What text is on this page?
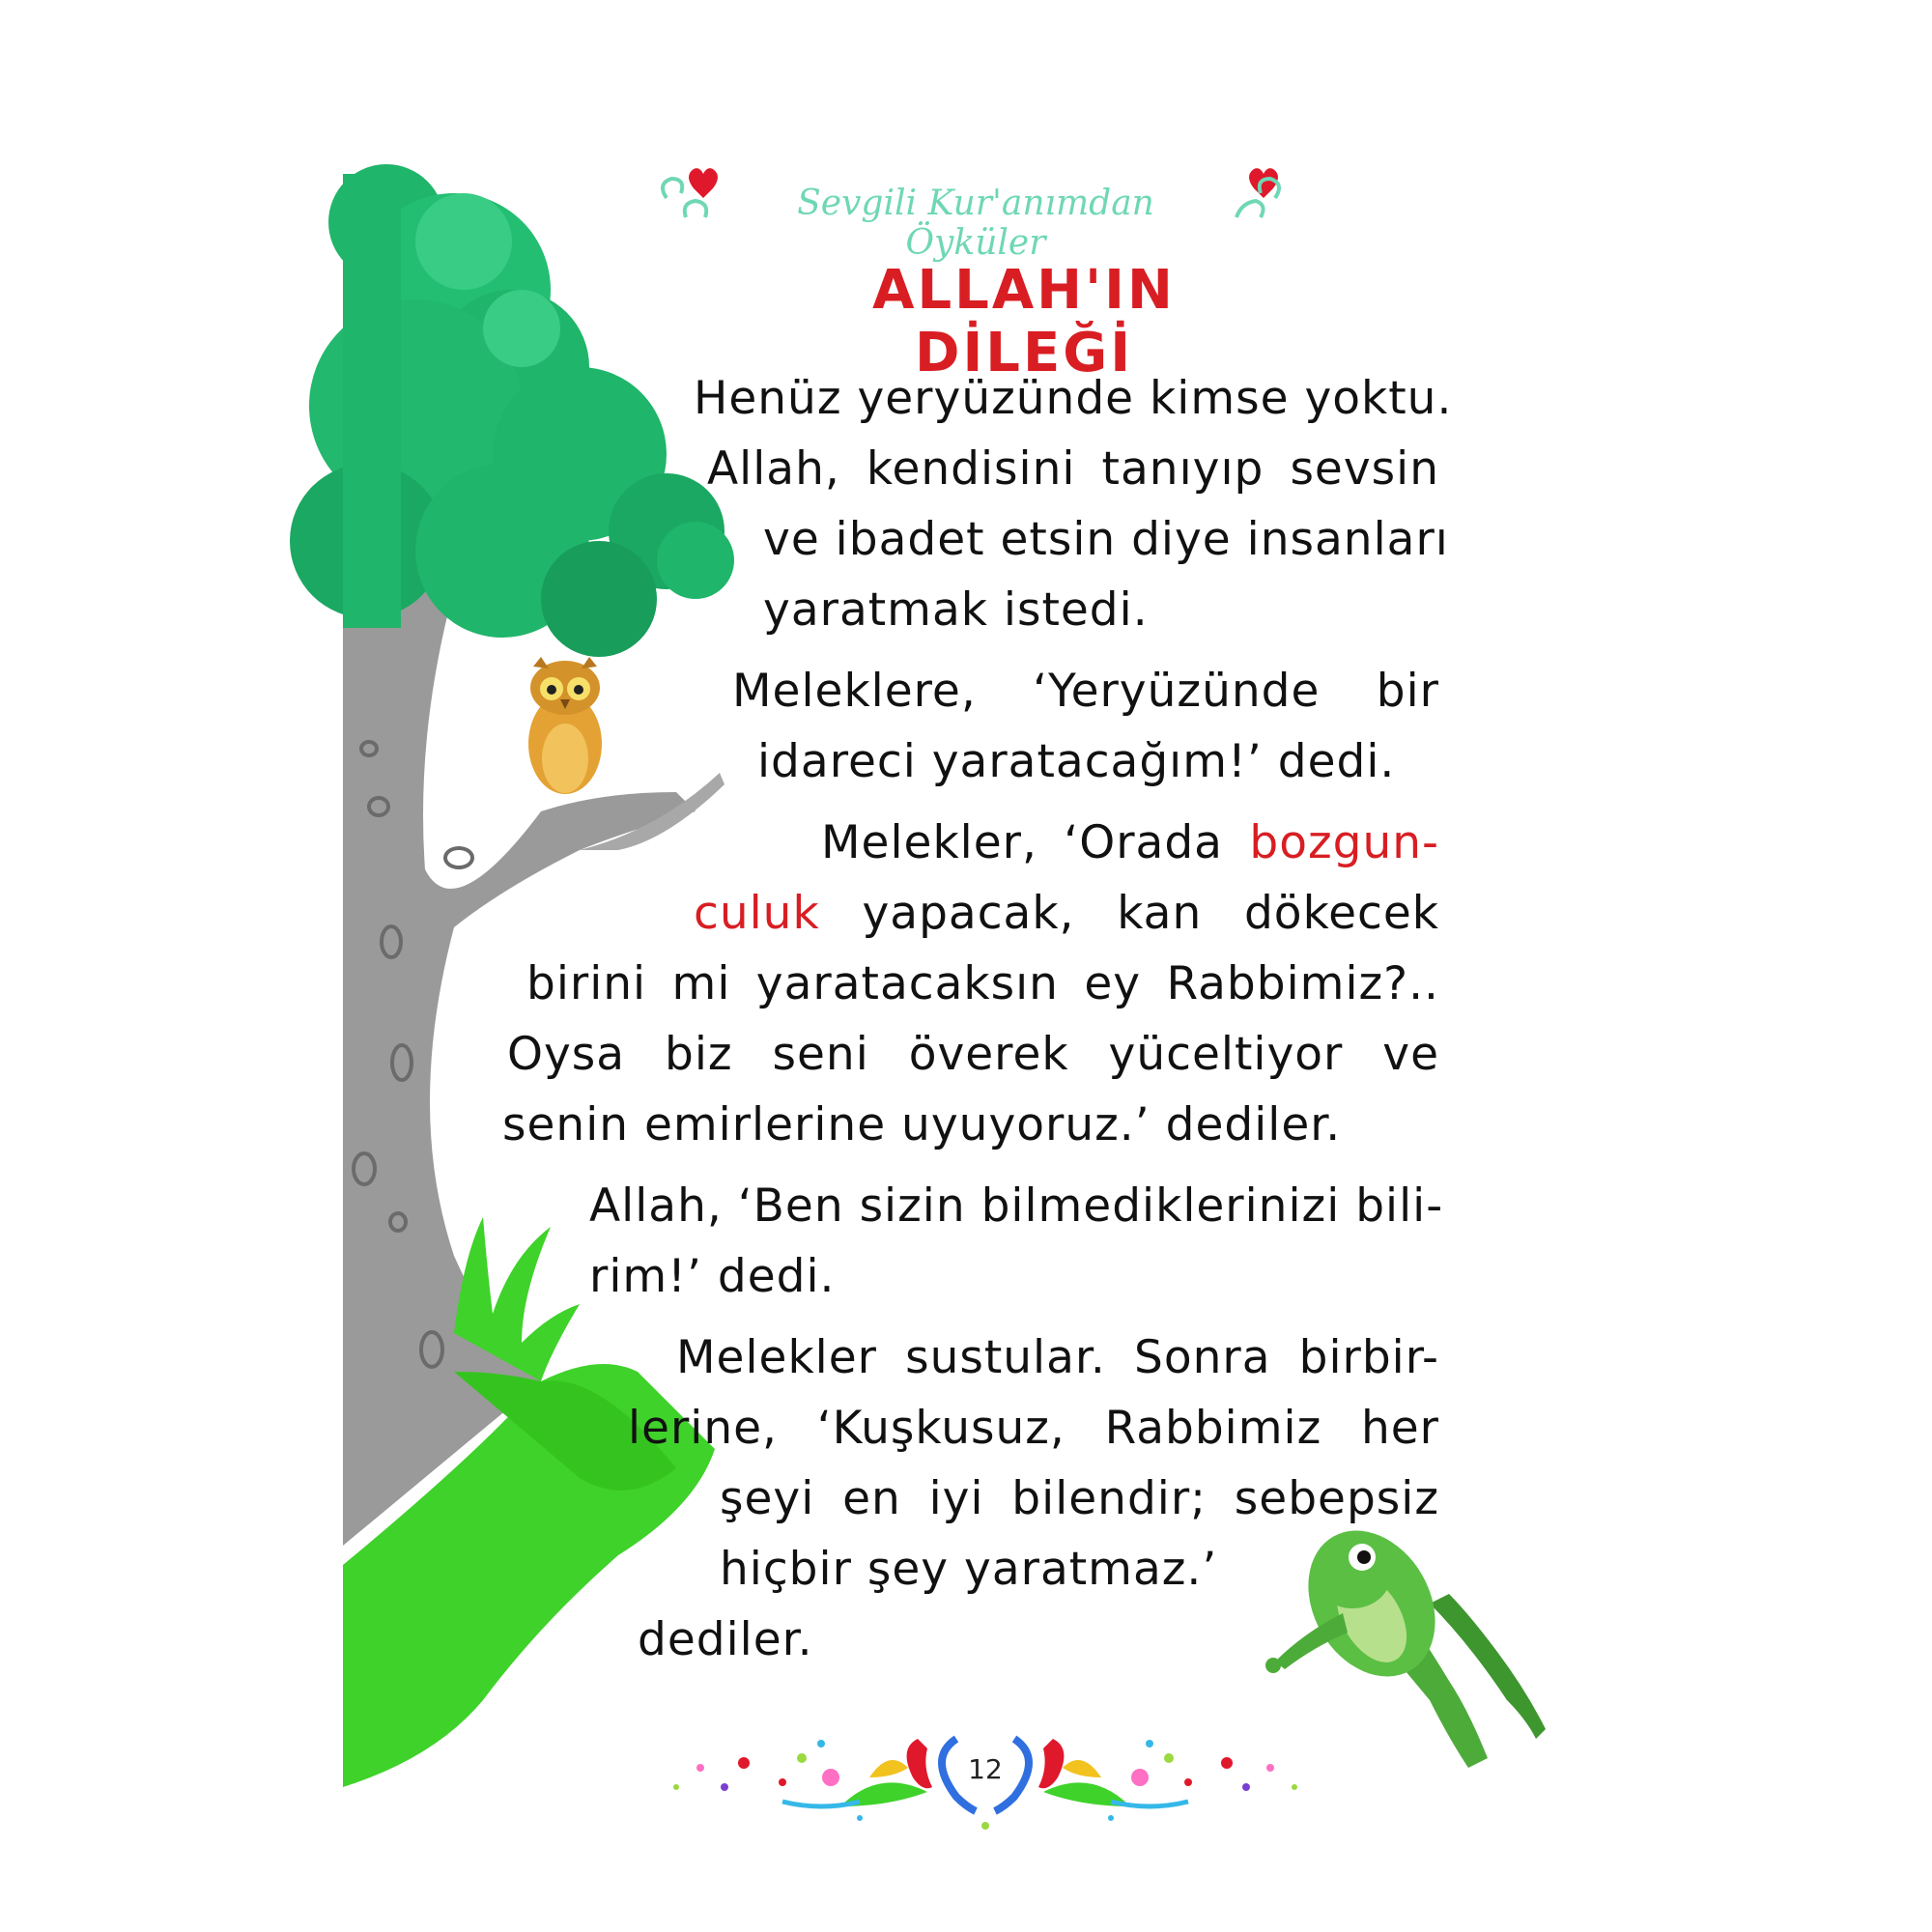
Sevgili Kur'anımdan Öyküler
ALLAH'IN DİLEĞİ
Henüz yeryüzünde kimse yoktu.
Allah, kendisini tanıyıp sevsin
ve ibadet etsin diye insanları
yaratmak istedi.
Meleklere, ‘Yeryüzünde bir
idareci yaratacağım!’ dedi.
Melekler, ‘Orada bozgun-
culuk yapacak, kan dökecek
birini mi yaratacaksın ey Rabbimiz?..
Oysa biz seni överek yüceltiyor ve
senin emirlerine uyuyoruz.’ dediler.
Allah, ‘Ben sizin bilmediklerinizi bili-
rim!’ dedi.
Melekler sustular. Sonra birbir-
lerine, ‘Kuşkusuz, Rabbimiz her
şeyi en iyi bilendir; sebepsiz
hiçbir şey yaratmaz.’
dediler.
12
